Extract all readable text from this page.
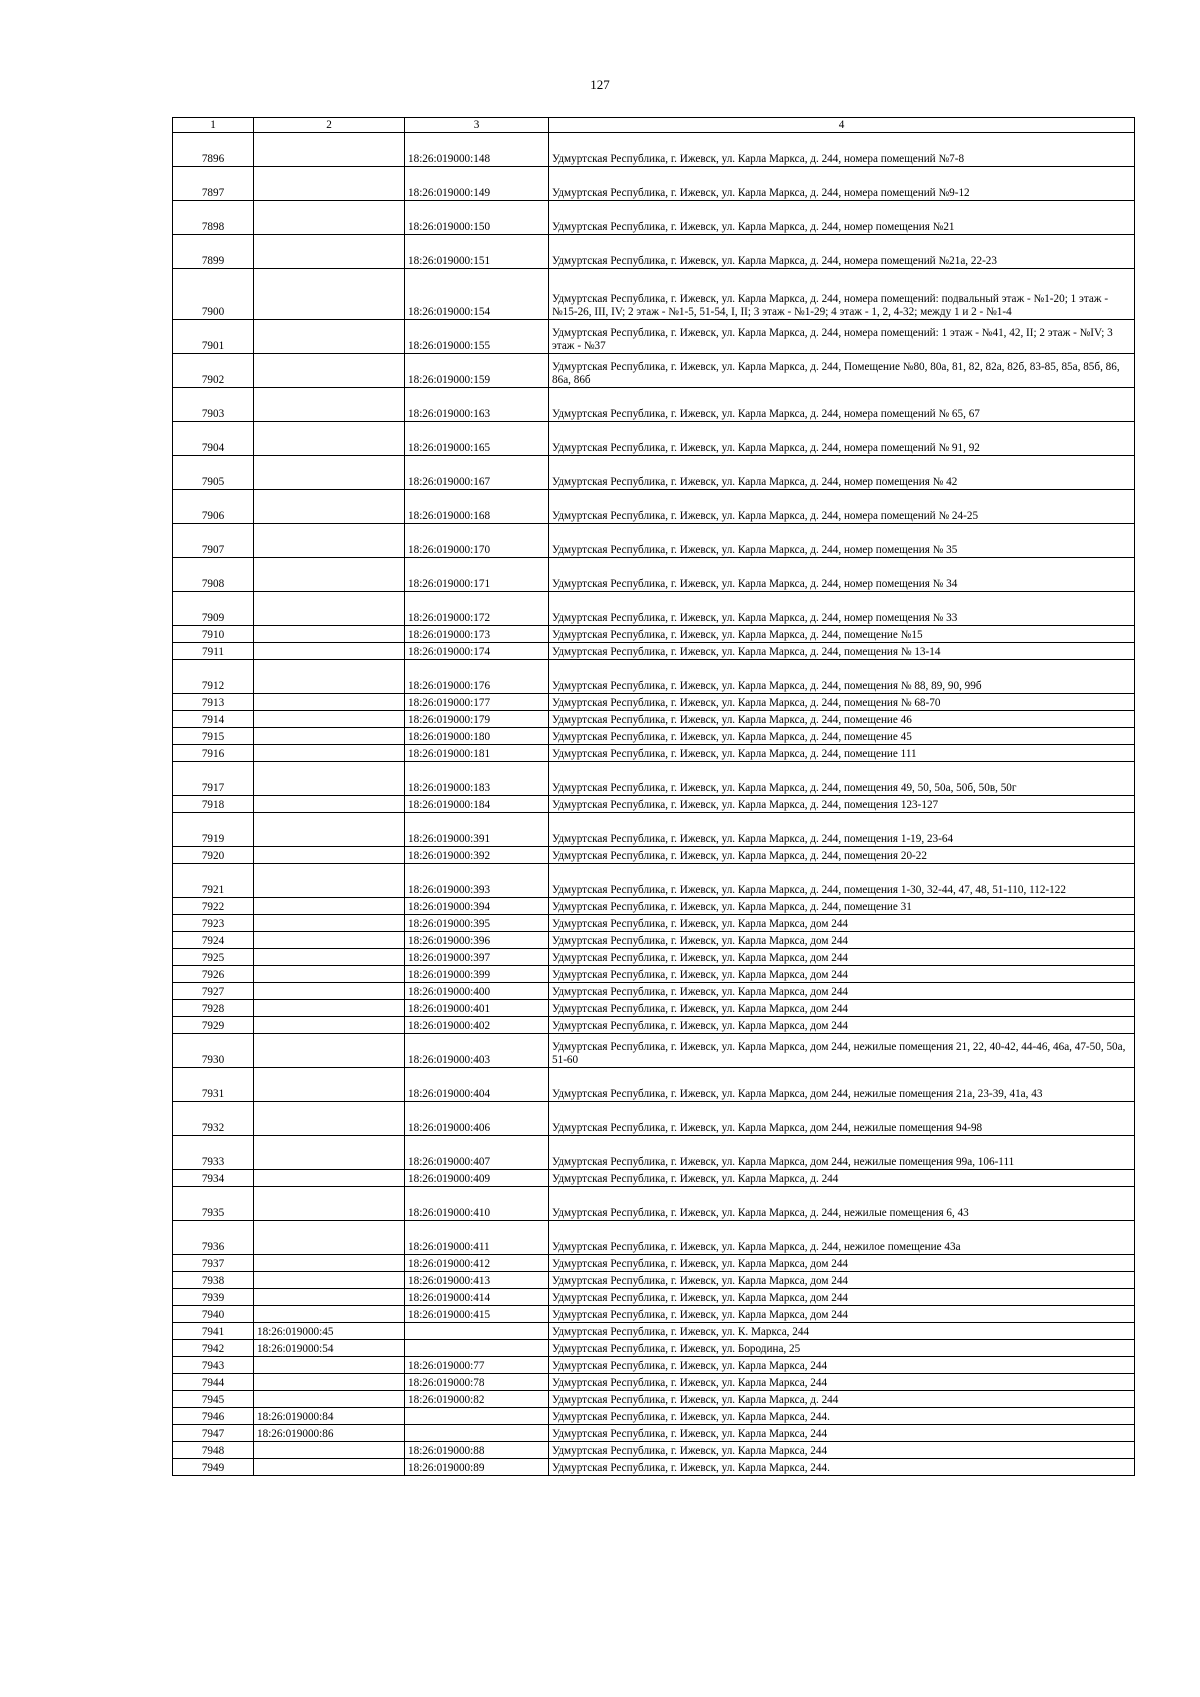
127
1	2	3	4
7896		18:26:019000:148	Удмуртская Республика, г. Ижевск, ул. Карла Маркса, д. 244, номера помещений №7-8
7897		18:26:019000:149	Удмуртская Республика, г. Ижевск, ул. Карла Маркса, д. 244, номера помещений №9-12
7898		18:26:019000:150	Удмуртская Республика, г. Ижевск, ул. Карла Маркса, д. 244, номер помещения №21
7899		18:26:019000:151	Удмуртская Республика, г. Ижевск, ул. Карла Маркса, д. 244, номера помещений №21а, 22-23
7900		18:26:019000:154	Удмуртская Республика, г. Ижевск, ул. Карла Маркса, д. 244, номера помещений: подвальный этаж - №1-20; 1 этаж - №15-26, III, IV; 2 этаж - №1-5, 51-54, I, II; 3 этаж - №1-29; 4 этаж - 1, 2, 4-32; между 1 и 2 - №1-4
7901		18:26:019000:155	Удмуртская Республика, г. Ижевск, ул. Карла Маркса, д. 244, номера помещений: 1 этаж - №41, 42, II; 2 этаж - №IV; 3 этаж - №37
7902		18:26:019000:159	Удмуртская Республика, г. Ижевск, ул. Карла Маркса, д. 244, Помещение №80, 80а, 81, 82, 82а, 82б, 83-85, 85а, 85б, 86, 86а, 86б
7903		18:26:019000:163	Удмуртская Республика, г. Ижевск, ул. Карла Маркса, д. 244, номера помещений № 65, 67
7904		18:26:019000:165	Удмуртская Республика, г. Ижевск, ул. Карла Маркса, д. 244, номера помещений № 91, 92
7905		18:26:019000:167	Удмуртская Республика, г. Ижевск, ул. Карла Маркса, д. 244, номер помещения № 42
7906		18:26:019000:168	Удмуртская Республика, г. Ижевск, ул. Карла Маркса, д. 244, номера помещений № 24-25
7907		18:26:019000:170	Удмуртская Республика, г. Ижевск, ул. Карла Маркса, д. 244, номер помещения № 35
7908		18:26:019000:171	Удмуртская Республика, г. Ижевск, ул. Карла Маркса, д. 244, номер помещения № 34
7909		18:26:019000:172	Удмуртская Республика, г. Ижевск, ул. Карла Маркса, д. 244, номер помещения № 33
7910		18:26:019000:173	Удмуртская Республика, г. Ижевск, ул. Карла Маркса, д. 244, помещение №15
7911		18:26:019000:174	Удмуртская Республика, г. Ижевск, ул. Карла Маркса, д. 244, помещения № 13-14
7912		18:26:019000:176	Удмуртская Республика, г. Ижевск, ул. Карла Маркса, д. 244, помещения № 88, 89, 90, 99б
7913		18:26:019000:177	Удмуртская Республика, г. Ижевск, ул. Карла Маркса, д. 244, помещения № 68-70
7914		18:26:019000:179	Удмуртская Республика, г. Ижевск, ул. Карла Маркса, д. 244, помещение 46
7915		18:26:019000:180	Удмуртская Республика, г. Ижевск, ул. Карла Маркса, д. 244, помещение 45
7916		18:26:019000:181	Удмуртская Республика, г. Ижевск, ул. Карла Маркса, д. 244, помещение 111
7917		18:26:019000:183	Удмуртская Республика, г. Ижевск, ул. Карла Маркса, д. 244, помещения 49, 50, 50а, 50б, 50в, 50г
7918		18:26:019000:184	Удмуртская Республика, г. Ижевск, ул. Карла Маркса, д. 244, помещения 123-127
7919		18:26:019000:391	Удмуртская Республика, г. Ижевск, ул. Карла Маркса, д. 244, помещения 1-19, 23-64
7920		18:26:019000:392	Удмуртская Республика, г. Ижевск, ул. Карла Маркса, д. 244, помещения 20-22
7921		18:26:019000:393	Удмуртская Республика, г. Ижевск, ул. Карла Маркса, д. 244, помещения 1-30, 32-44, 47, 48, 51-110, 112-122
7922		18:26:019000:394	Удмуртская Республика, г. Ижевск, ул. Карла Маркса, д. 244, помещение 31
7923		18:26:019000:395	Удмуртская Республика, г. Ижевск, ул. Карла Маркса, дом 244
7924		18:26:019000:396	Удмуртская Республика, г. Ижевск, ул. Карла Маркса, дом 244
7925		18:26:019000:397	Удмуртская Республика, г. Ижевск, ул. Карла Маркса, дом 244
7926		18:26:019000:399	Удмуртская Республика, г. Ижевск, ул. Карла Маркса, дом 244
7927		18:26:019000:400	Удмуртская Республика, г. Ижевск, ул. Карла Маркса, дом 244
7928		18:26:019000:401	Удмуртская Республика, г. Ижевск, ул. Карла Маркса, дом 244
7929		18:26:019000:402	Удмуртская Республика, г. Ижевск, ул. Карла Маркса, дом 244
7930		18:26:019000:403	Удмуртская Республика, г. Ижевск, ул. Карла Маркса, дом 244, нежилые помещения 21, 22, 40-42, 44-46, 46а, 47-50, 50а, 51-60
7931		18:26:019000:404	Удмуртская Республика, г. Ижевск, ул. Карла Маркса, дом 244, нежилые помещения 21а, 23-39, 41а, 43
7932		18:26:019000:406	Удмуртская Республика, г. Ижевск, ул. Карла Маркса, дом 244, нежилые помещения 94-98
7933		18:26:019000:407	Удмуртская Республика, г. Ижевск, ул. Карла Маркса, дом 244, нежилые помещения 99а, 106-111
7934		18:26:019000:409	Удмуртская Республика, г. Ижевск, ул. Карла Маркса, д. 244
7935		18:26:019000:410	Удмуртская Республика, г. Ижевск, ул. Карла Маркса, д. 244, нежилые помещения 6, 43
7936		18:26:019000:411	Удмуртская Республика, г. Ижевск, ул. Карла Маркса, д. 244, нежилое помещение 43а
7937		18:26:019000:412	Удмуртская Республика, г. Ижевск, ул. Карла Маркса, дом 244
7938		18:26:019000:413	Удмуртская Республика, г. Ижевск, ул. Карла Маркса, дом 244
7939		18:26:019000:414	Удмуртская Республика, г. Ижевск, ул. Карла Маркса, дом 244
7940		18:26:019000:415	Удмуртская Республика, г. Ижевск, ул. Карла Маркса, дом 244
7941	18:26:019000:45		Удмуртская Республика, г. Ижевск, ул. К. Маркса, 244
7942	18:26:019000:54		Удмуртская Республика, г. Ижевск, ул. Бородина, 25
7943		18:26:019000:77	Удмуртская Республика, г. Ижевск, ул. Карла Маркса, 244
7944		18:26:019000:78	Удмуртская Республика, г. Ижевск, ул. Карла Маркса, 244
7945		18:26:019000:82	Удмуртская Республика, г. Ижевск, ул. Карла Маркса, д. 244
7946	18:26:019000:84		Удмуртская Республика, г. Ижевск, ул. Карла Маркса, 244.
7947	18:26:019000:86		Удмуртская Республика, г. Ижевск, ул. Карла Маркса, 244
7948		18:26:019000:88	Удмуртская Республика, г. Ижевск, ул. Карла Маркса, 244
7949		18:26:019000:89	Удмуртская Республика, г. Ижевск, ул. Карла Маркса, 244.
